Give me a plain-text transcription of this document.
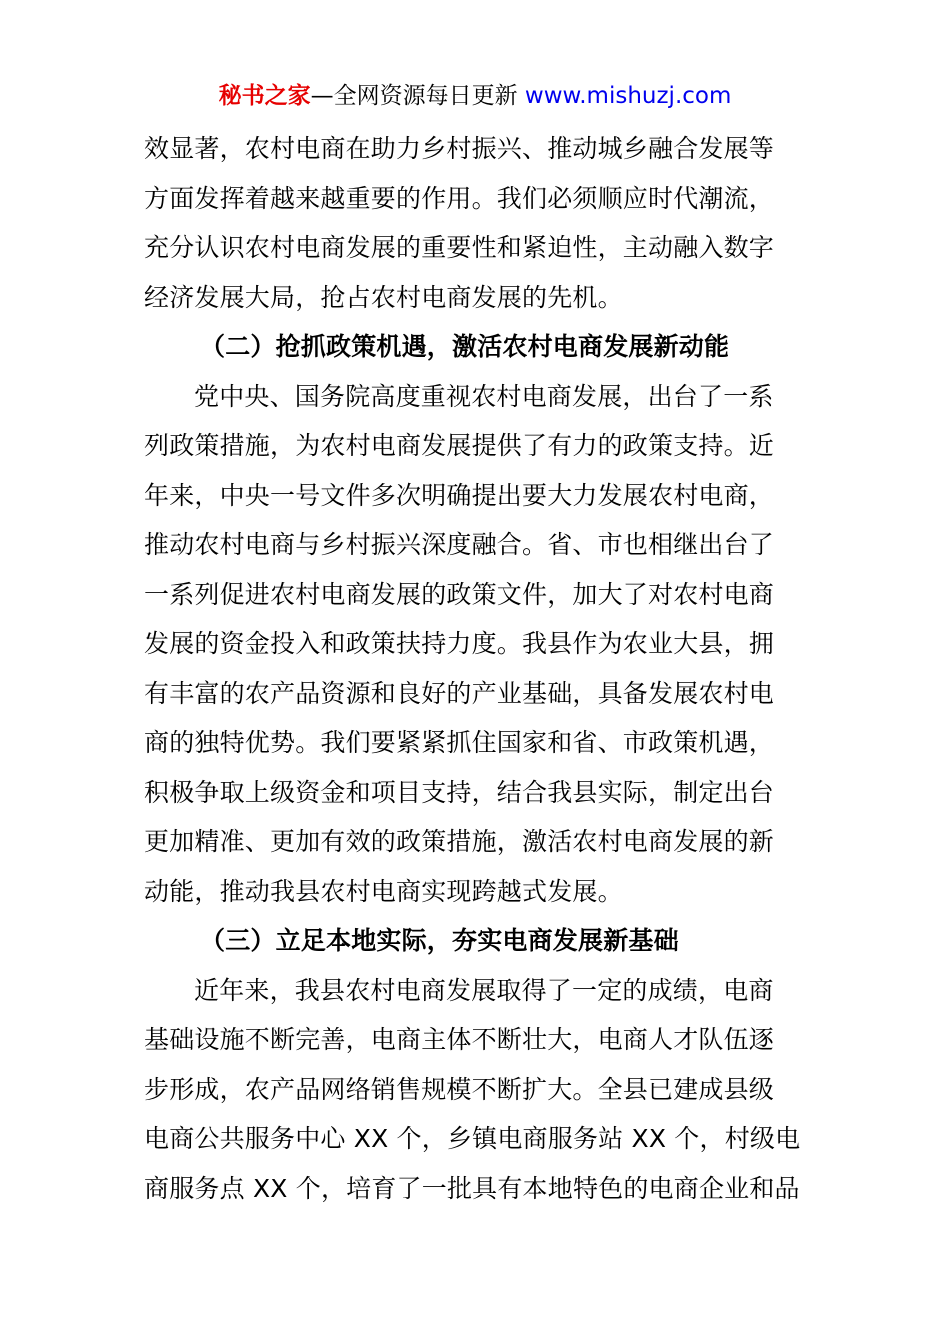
秘书之家—全网资源每日更新 www.mishuzj.com
效显著，农村电商在助力乡村振兴、推动城乡融合发展等
方面发挥着越来越重要的作用。我们必须顺应时代潮流，
充分认识农村电商发展的重要性和紧迫性，主动融入数字
经济发展大局，抢占农村电商发展的先机。
（二）抢抓政策机遇，激活农村电商发展新动能
党中央、国务院高度重视农村电商发展，出台了一系
列政策措施，为农村电商发展提供了有力的政策支持。近
年来，中央一号文件多次明确提出要大力发展农村电商，
推动农村电商与乡村振兴深度融合。省、市也相继出台了
一系列促进农村电商发展的政策文件，加大了对农村电商
发展的资金投入和政策扶持力度。我县作为农业大县，拥
有丰富的农产品资源和良好的产业基础，具备发展农村电
商的独特优势。我们要紧紧抓住国家和省、市政策机遇，
积极争取上级资金和项目支持，结合我县实际，制定出台
更加精准、更加有效的政策措施，激活农村电商发展的新
动能，推动我县农村电商实现跨越式发展。
（三）立足本地实际，夯实电商发展新基础
近年来，我县农村电商发展取得了一定的成绩，电商
基础设施不断完善，电商主体不断壮大，电商人才队伍逐
步形成，农产品网络销售规模不断扩大。全县已建成县级
电商公共服务中心 XX 个，乡镇电商服务站 XX 个，村级电
商服务点 XX 个，培育了一批具有本地特色的电商企业和品
